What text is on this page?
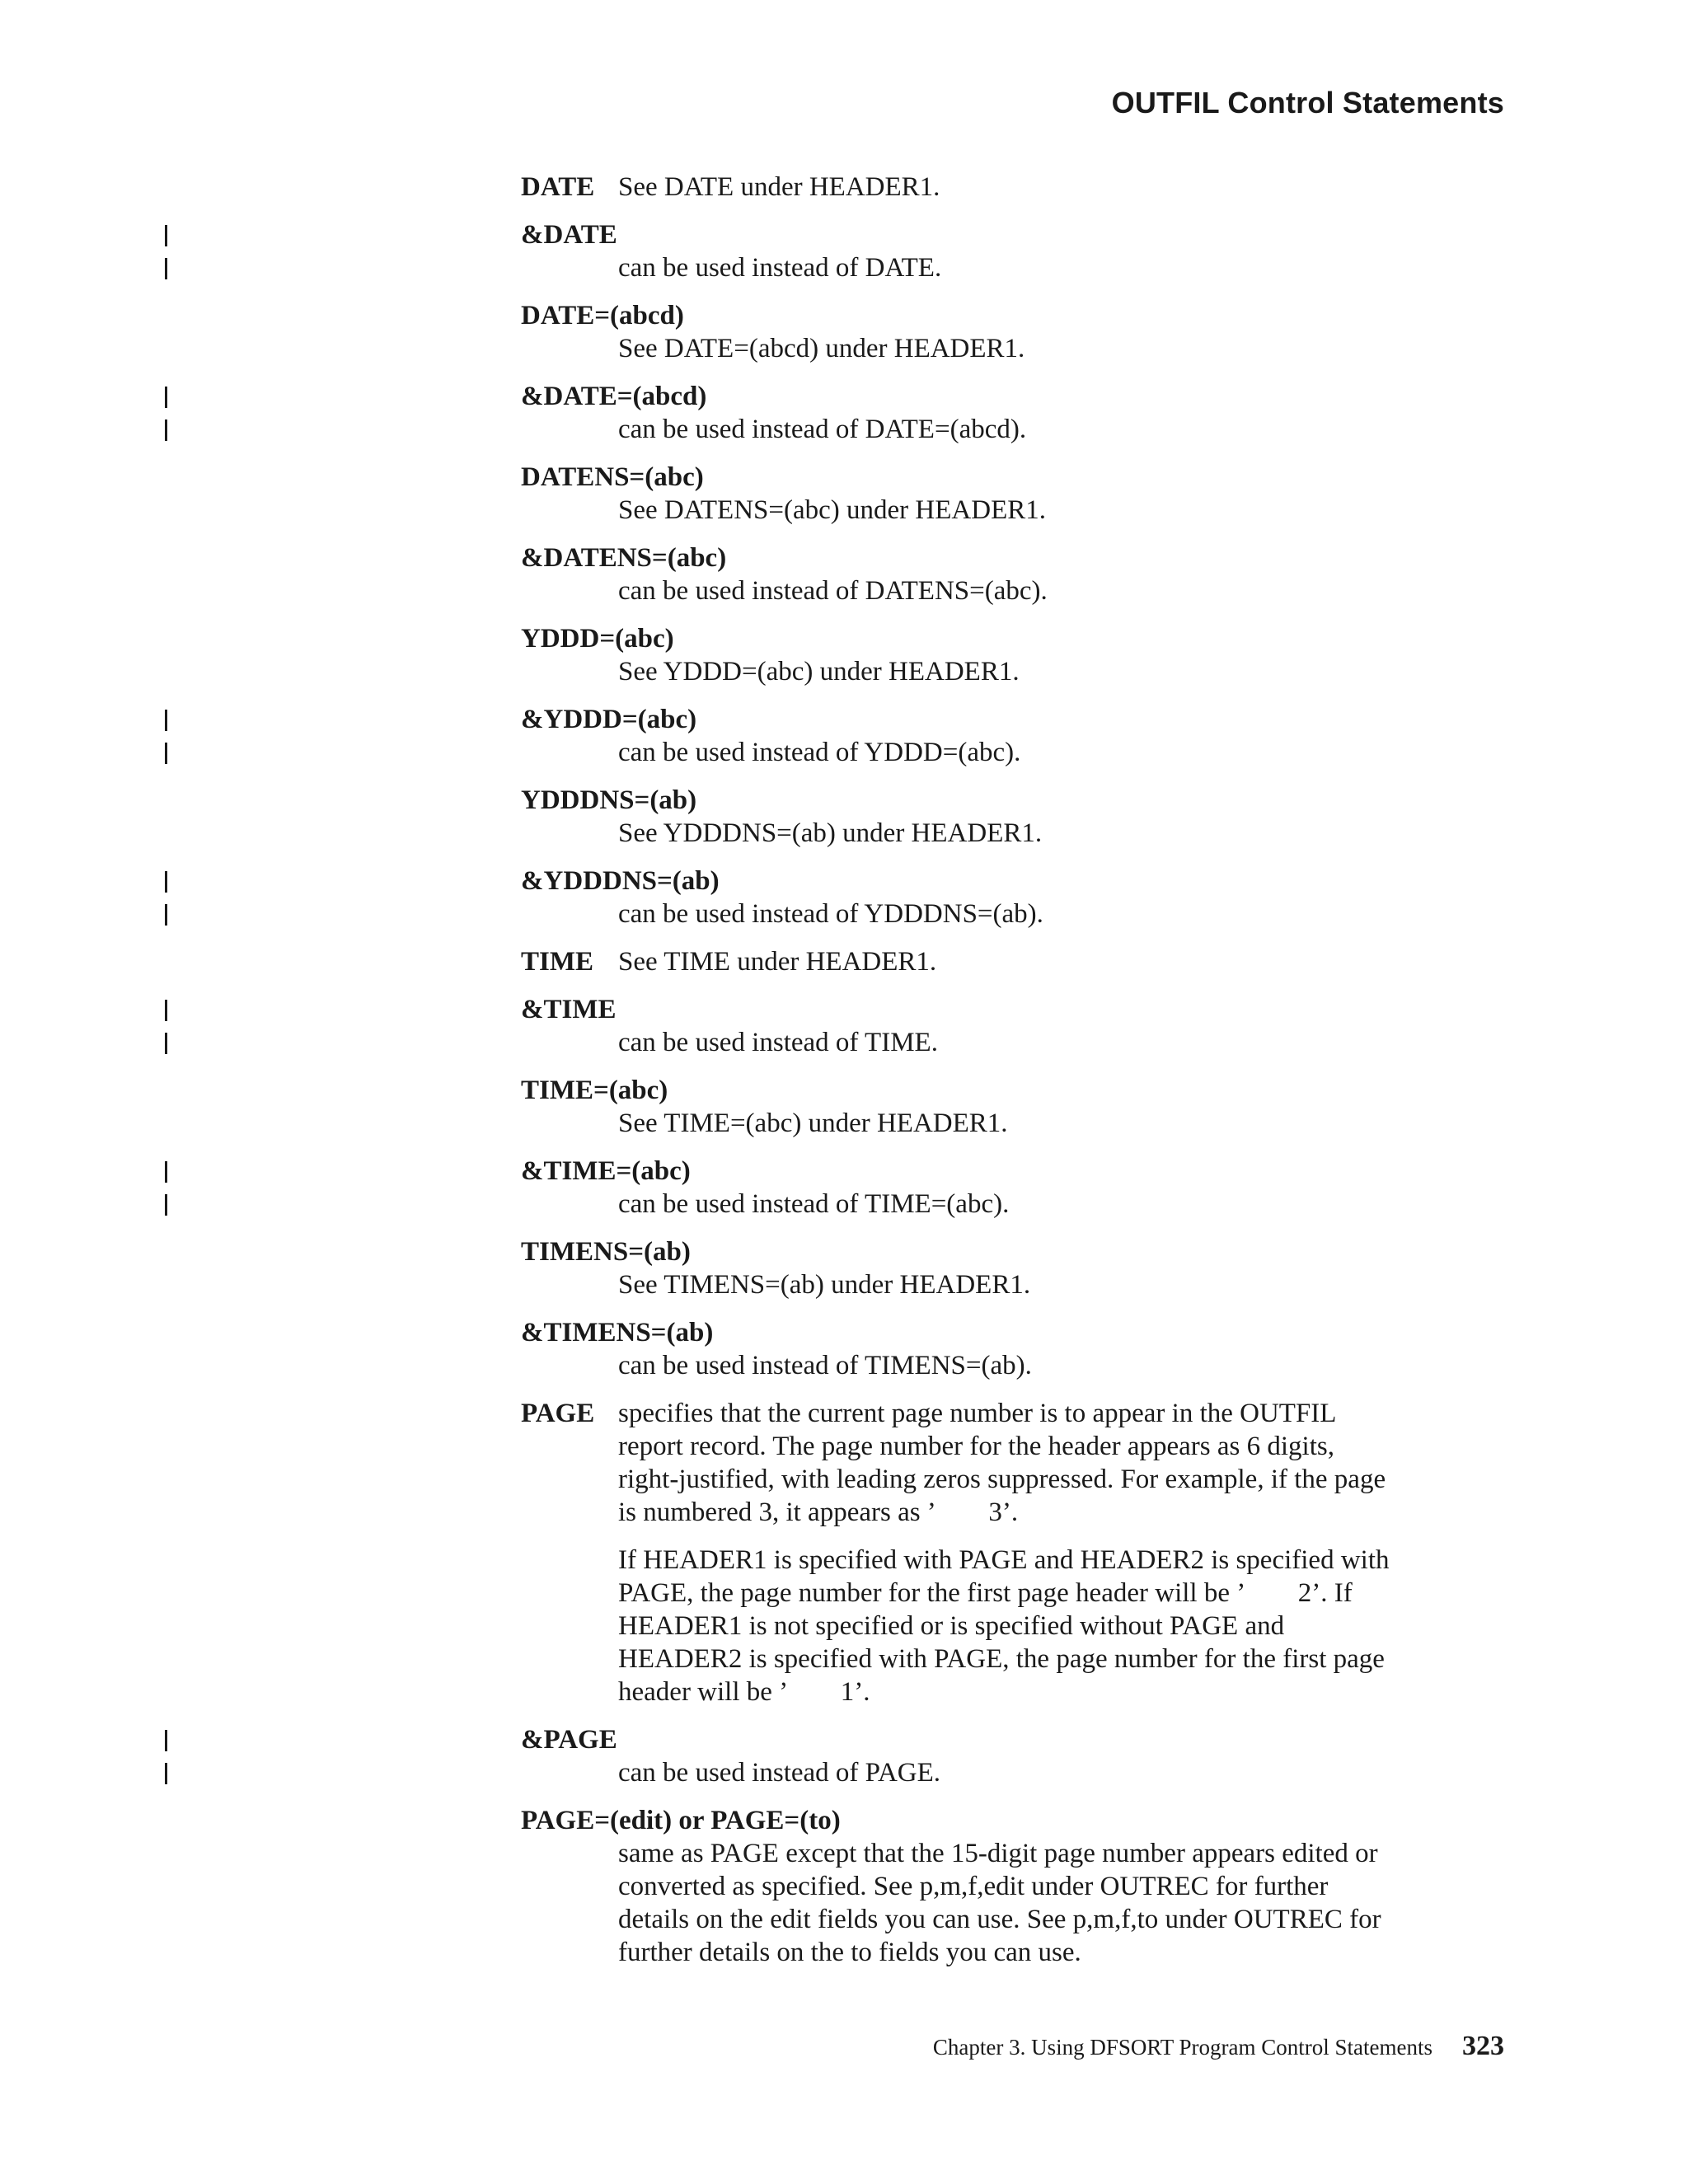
OUTFIL Control Statements
DATE See DATE under HEADER1.
&DATE
can be used instead of DATE.
DATE=(abcd)
See DATE=(abcd) under HEADER1.
&DATE=(abcd)
can be used instead of DATE=(abcd).
DATENS=(abc)
See DATENS=(abc) under HEADER1.
&DATENS=(abc)
can be used instead of DATENS=(abc).
YDDD=(abc)
See YDDD=(abc) under HEADER1.
&YDDD=(abc)
can be used instead of YDDD=(abc).
YDDDNS=(ab)
See YDDDNS=(ab) under HEADER1.
&YDDDNS=(ab)
can be used instead of YDDDNS=(ab).
TIME See TIME under HEADER1.
&TIME
can be used instead of TIME.
TIME=(abc)
See TIME=(abc) under HEADER1.
&TIME=(abc)
can be used instead of TIME=(abc).
TIMENS=(ab)
See TIMENS=(ab) under HEADER1.
&TIMENS=(ab)
can be used instead of TIMENS=(ab).
PAGE specifies that the current page number is to appear in the OUTFIL

report record. The page number for the header appears as 6 digits,
right-justified, with leading zeros suppressed. For example, if the page
is numbered 3, it appears as ’        3’.

If HEADER1 is specified with PAGE and HEADER2 is specified with
PAGE, the page number for the first page header will be ’        2’. If
HEADER1 is not specified or is specified without PAGE and
HEADER2 is specified with PAGE, the page number for the first page
header will be ’        1’.

&PAGE
can be used instead of PAGE.
PAGE=(edit) or PAGE=(to)
same as PAGE except that the 15-digit page number appears edited or
converted as specified. See p,m,f,edit under OUTREC for further
details on the edit fields you can use. See p,m,f,to under OUTREC for
further details on the to fields you can use.
Chapter 3. Using DFSORT Program Control Statements 323
